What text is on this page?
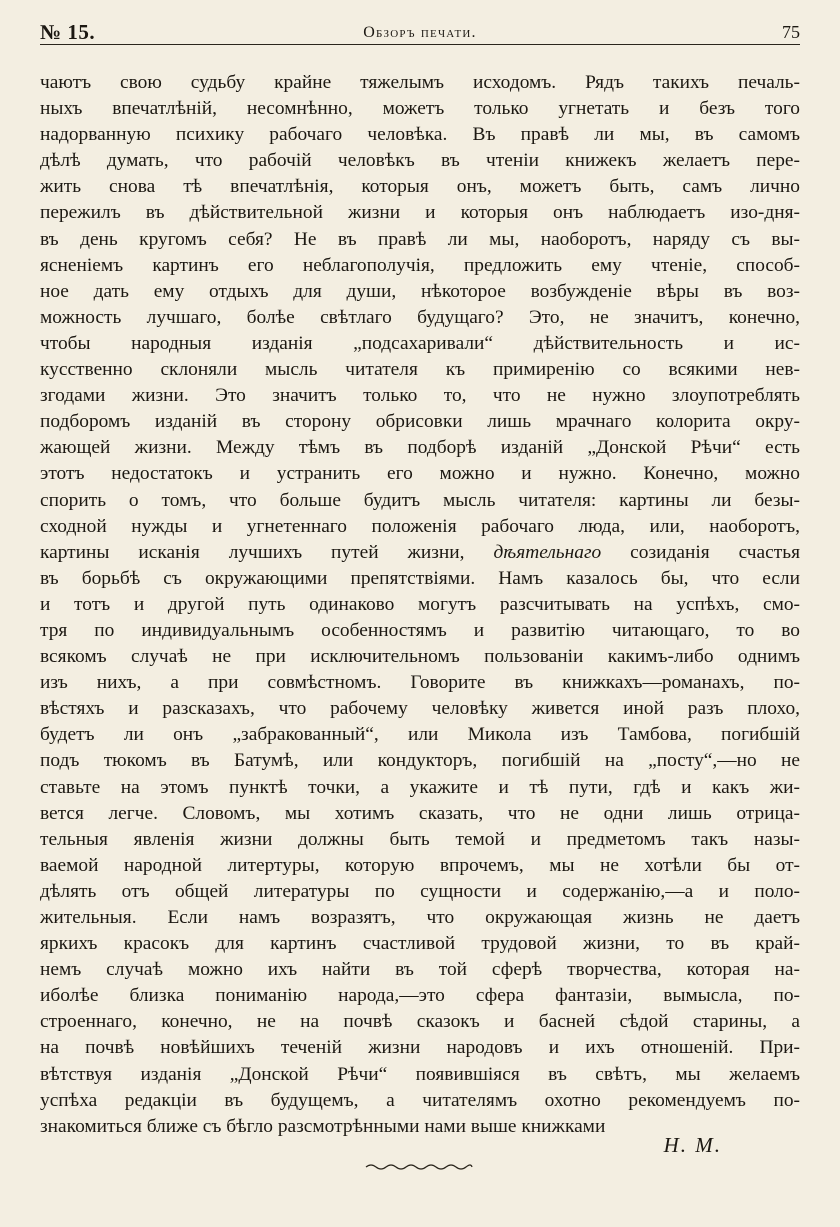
№ 15.	Обзоръ печати.	75
чаютъ свою судьбу крайне тяжелымъ исходомъ. Рядъ такихъ печаль-
ныхъ впечатлѣній, несомнѣнно, можетъ только угнетать и безъ того
надорванную психику рабочаго человѣка. Въ правѣ ли мы, въ самомъ
дѣлѣ думать, что рабочій человѣкъ въ чтеніи книжекъ желаетъ пере-
жить снова тѣ впечатлѣнія, которыя онъ, можетъ быть, самъ лично
пережилъ въ дѣйствительной жизни и которыя онъ наблюдаетъ изо-дня-
въ день кругомъ себя? Не въ правѣ ли мы, наоборотъ, наряду съ вы-
ясненіемъ картинъ его неблагополучія, предложить ему чтеніе, способ-
ное дать ему отдыхъ для души, нѣкоторое возбужденіе вѣры въ воз-
можность лучшаго, болѣе свѣтлаго будущаго? Это, не значитъ, конечно,
чтобы народныя изданія „подсахаривали“ дѣйствительность и ис-
кусственно склоняли мысль читателя къ примиренію со всякими нев-
згодами жизни. Это значитъ только то, что не нужно злоупотреблять
подборомъ изданій въ сторону обрисовки лишь мрачнаго колорита окру-
жающей жизни. Между тѣмъ въ подборѣ изданій „Донской Рѣчи“ есть
этотъ недостатокъ и устранить его можно и нужно. Конечно, можно
спорить о томъ, что больше будитъ мысль читателя: картины ли безы-
сходной нужды и угнетеннаго положенія рабочаго люда, или, наоборотъ,
картины исканія лучшихъ путей жизни, дѣятельнаго созиданія счастья
въ борьбѣ съ окружающими препятствіями. Намъ казалось бы, что если
и тотъ и другой путь одинаково могутъ разсчитывать на успѣхъ, смо-
тря по индивидуальнымъ особенностямъ и развитію читающаго, то во
всякомъ случаѣ не при исключительномъ пользованіи какимъ-либо однимъ
изъ нихъ, а при совмѣстномъ. Говорите въ книжкахъ—романахъ, по-
вѣстяхъ и разсказахъ, что рабочему человѣку живется иной разъ плохо,
будетъ ли онъ „забракованный“, или Микола изъ Тамбова, погибшій
подъ тюкомъ въ Батумѣ, или кондукторъ, погибшій на „посту“,—но не
ставьте на этомъ пунктѣ точки, а укажите и тѣ пути, гдѣ и какъ жи-
вется легче. Словомъ, мы хотимъ сказать, что не одни лишь отрица-
тельныя явленія жизни должны быть темой и предметомъ такъ назы-
ваемой народной литертуры, которую впрочемъ, мы не хотѣли бы от-
дѣлять отъ общей литературы по сущности и содержанію,—а и поло-
жительныя. Если намъ возразятъ, что окружающая жизнь не даетъ
яркихъ красокъ для картинъ счастливой трудовой жизни, то въ край-
немъ случаѣ можно ихъ найти въ той сферѣ творчества, которая на-
иболѣе близка пониманію народа,—это сфера фантазіи, вымысла, по-
строеннаго, конечно, не на почвѣ сказокъ и басней сѣдой старины, а
на почвѣ новѣйшихъ теченій жизни народовъ и ихъ отношеній. При-
вѣтствуя изданія „Донской Рѣчи“ появившіяся въ свѣтъ, мы желаемъ
успѣха редакціи въ будущемъ, а читателямъ охотно рекомендуемъ по-
знакомиться ближе съ бѣгло разсмотрѣнными нами выше книжками
Н. М.
